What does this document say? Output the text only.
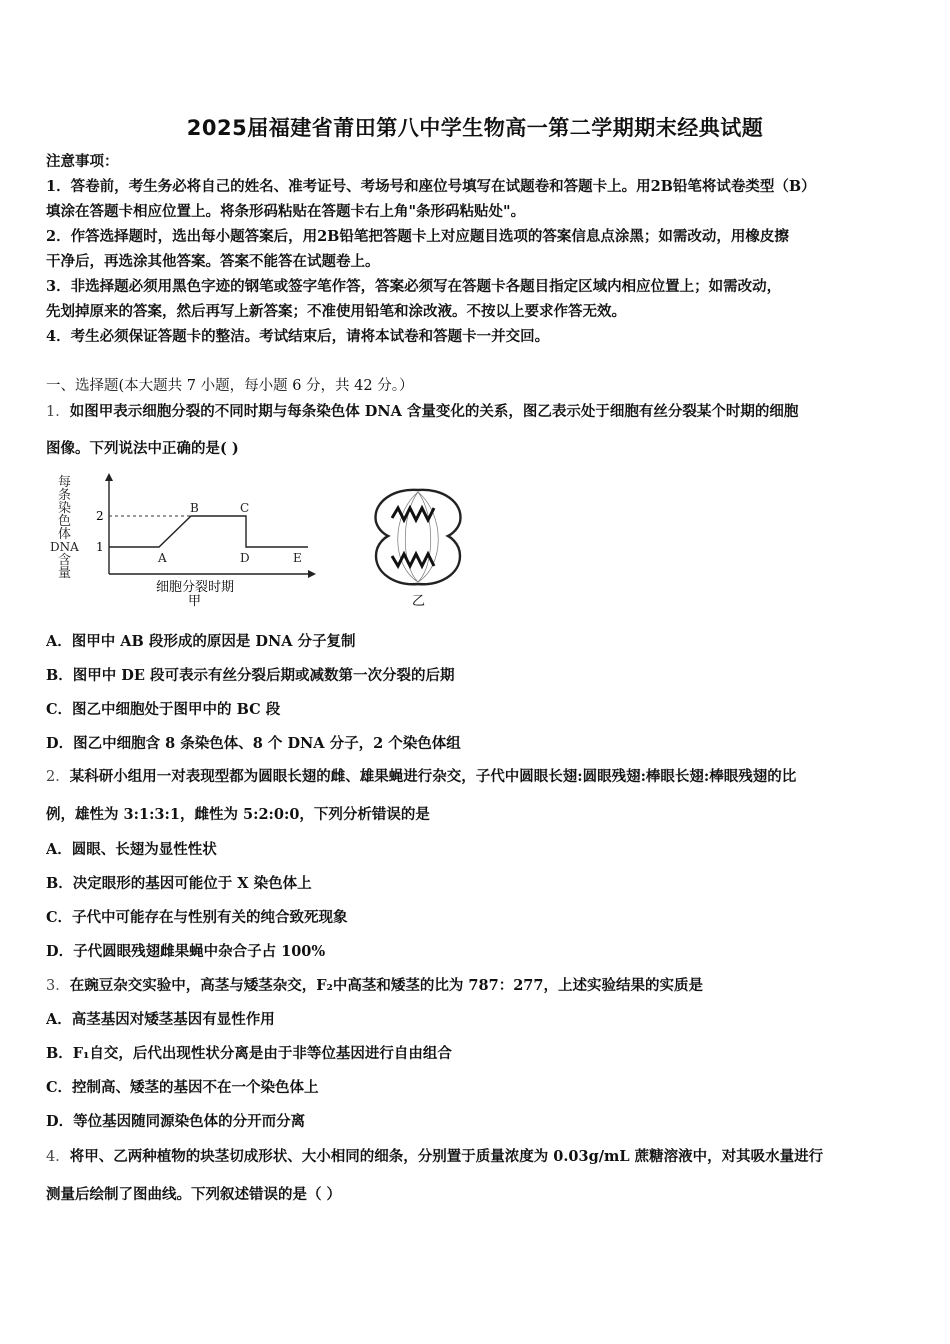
2025届福建省莆田第八中学生物高一第二学期期末经典试题
注意事项：
1．答卷前，考生务必将自己的姓名、准考证号、考场号和座位号填写在试题卷和答题卡上。用2B铅笔将试卷类型（B）
填涂在答题卡相应位置上。将条形码粘贴在答题卡右上角"条形码粘贴处"。
2．作答选择题时，选出每小题答案后，用2B铅笔把答题卡上对应题目选项的答案信息点涂黑；如需改动，用橡皮擦
干净后，再选涂其他答案。答案不能答在试题卷上。
3．非选择题必须用黑色字迹的钢笔或签字笔作答，答案必须写在答题卡各题目指定区域内相应位置上；如需改动，
先划掉原来的答案，然后再写上新答案；不准使用铅笔和涂改液。不按以上要求作答无效。
4．考生必须保证答题卡的整洁。考试结束后，请将本试卷和答题卡一并交回。
一、选择题(本大题共 7 小题，每小题 6 分，共 42 分。）
1．如图甲表示细胞分裂的不同时期与每条染色体 DNA 含量变化的关系，图乙表示处于细胞有丝分裂某个时期的细胞
图像。下列说法中正确的是( )
每
条
染
色
体
DNA
含
量
2
1
A
B	C
D	E
细胞分裂时期
甲	乙
A．图甲中 AB 段形成的原因是 DNA 分子复制
B．图甲中 DE 段可表示有丝分裂后期或减数第一次分裂的后期
C．图乙中细胞处于图甲中的 BC 段
D．图乙中细胞含 8 条染色体、8 个 DNA 分子，2 个染色体组
2．某科研小组用一对表现型都为圆眼长翅的雌、雄果蝇进行杂交，子代中圆眼长翅:圆眼残翅:棒眼长翅:棒眼残翅的比
例，雄性为 3:1:3:1，雌性为 5:2:0:0，下列分析错误的是
A．圆眼、长翅为显性性状
B．决定眼形的基因可能位于 X 染色体上
C．子代中可能存在与性别有关的纯合致死现象
D．子代圆眼残翅雌果蝇中杂合子占 100%
3．在豌豆杂交实验中，高茎与矮茎杂交，F₂中高茎和矮茎的比为 787：277，上述实验结果的实质是
A．高茎基因对矮茎基因有显性作用
B．F₁自交，后代出现性状分离是由于非等位基因进行自由组合
C．控制高、矮茎的基因不在一个染色体上
D．等位基因随同源染色体的分开而分离
4．将甲、乙两种植物的块茎切成形状、大小相同的细条，分别置于质量浓度为 0.03g/mL 蔗糖溶液中，对其吸水量进行
测量后绘制了图曲线。下列叙述错误的是（ ）
